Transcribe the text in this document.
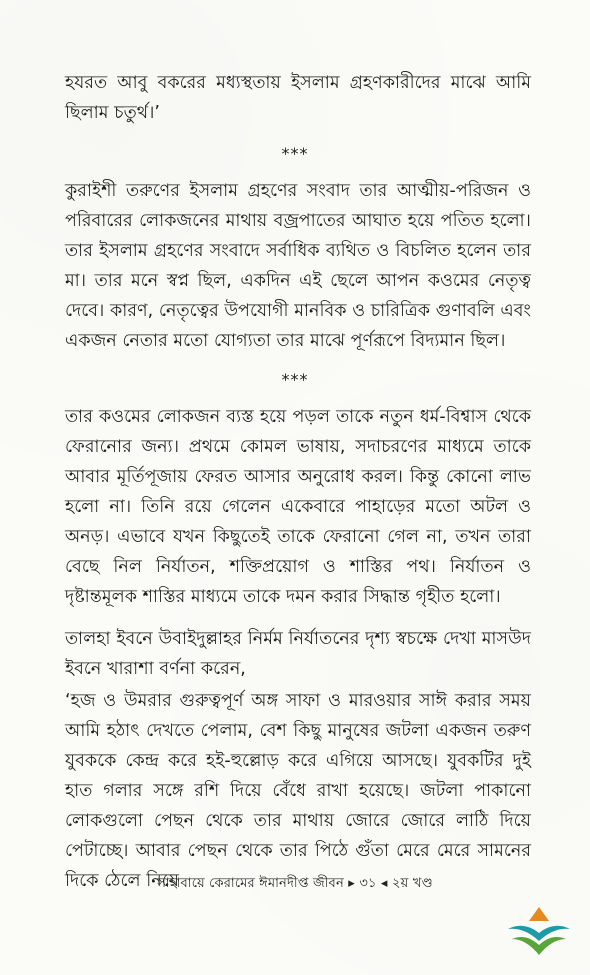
হযরত আবু বকরের মধ্যস্থতায় ইসলাম গ্রহণকারীদের মাঝে আমি ছিলাম চতুর্থ।’
***
কুরাইশী তরুণের ইসলাম গ্রহণের সংবাদ তার আত্মীয়-পরিজন ও পরিবারের লোকজনের মাথায় বজ্রপাতের আঘাত হয়ে পতিত হলো। তার ইসলাম গ্রহণের সংবাদে সর্বাধিক ব্যথিত ও বিচলিত হলেন তার মা। তার মনে স্বপ্ন ছিল, একদিন এই ছেলে আপন কওমের নেতৃত্ব দেবে। কারণ, নেতৃত্বের উপযোগী মানবিক ও চারিত্রিক গুণাবলি এবং একজন নেতার মতো যোগ্যতা তার মাঝে পূর্ণরূপে বিদ্যমান ছিল।
***
তার কওমের লোকজন ব্যস্ত হয়ে পড়ল তাকে নতুন ধর্ম-বিশ্বাস থেকে ফেরানোর জন্য। প্রথমে কোমল ভাষায়, সদাচরণের মাধ্যমে তাকে আবার মূর্তিপূজায় ফেরত আসার অনুরোধ করল। কিন্তু কোনো লাভ হলো না। তিনি রয়ে গেলেন একেবারে পাহাড়ের মতো অটল ও অনড়। এভাবে যখন কিছুতেই তাকে ফেরানো গেল না, তখন তারা বেছে নিল নির্যাতন, শক্তিপ্রয়োগ ও শাস্তির পথ। নির্যাতন ও দৃষ্টান্তমূলক শাস্তির মাধ্যমে তাকে দমন করার সিদ্ধান্ত গৃহীত হলো।
তালহা ইবনে উবাইদুল্লাহর নির্মম নির্যাতনের দৃশ্য স্বচক্ষে দেখা মাসউদ ইবনে খারাশা বর্ণনা করেন,
‘হজ ও উমরার গুরুত্বপূর্ণ অঙ্গ সাফা ও মারওয়ার সাঈ করার সময় আমি হঠাৎ দেখতে পেলাম, বেশ কিছু মানুষের জটলা একজন তরুণ যুবককে কেন্দ্র করে হই-হুল্লোড় করে এগিয়ে আসছে। যুবকটির দুই হাত গলার সঙ্গে রশি দিয়ে বেঁধে রাখা হয়েছে। জটলা পাকানো লোকগুলো পেছন থেকে তার মাথায় জোরে জোরে লাঠি দিয়ে পেটাচ্ছে। আবার পেছন থেকে তার পিঠে গুঁতা মেরে মেরে সামনের দিকে ঠেলে নিয়ে
সাহাবায়ে কেরামের ঈমানদীপ্ত জীবন ▸ ৩১ ◂ ২য় খণ্ড
